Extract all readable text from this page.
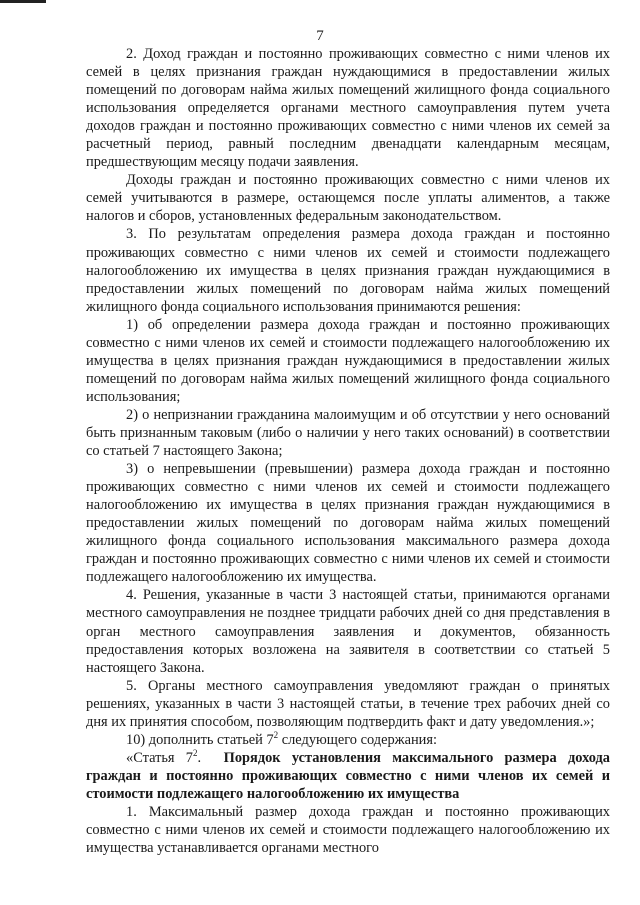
7

2. Доход граждан и постоянно проживающих совместно с ними членов их семей в целях признания граждан нуждающимися в предоставлении жилых помещений по договорам найма жилых помещений жилищного фонда социального использования определяется органами местного самоуправления путем учета доходов граждан и постоянно проживающих совместно с ними членов их семей за расчетный период, равный последним двенадцати календарным месяцам, предшествующим месяцу подачи заявления.

Доходы граждан и постоянно проживающих совместно с ними членов их семей учитываются в размере, остающемся после уплаты алиментов, а также налогов и сборов, установленных федеральным законодательством.

3. По результатам определения размера дохода граждан и постоянно проживающих совместно с ними членов их семей и стоимости подлежащего налогообложению их имущества в целях признания граждан нуждающимися в предоставлении жилых помещений по договорам найма жилых помещений жилищного фонда социального использования принимаются решения:

1) об определении размера дохода граждан и постоянно проживающих совместно с ними членов их семей и стоимости подлежащего налогообложению их имущества в целях признания граждан нуждающимися в предоставлении жилых помещений по договорам найма жилых помещений жилищного фонда социального использования;

2) о непризнании гражданина малоимущим и об отсутствии у него оснований быть признанным таковым (либо о наличии у него таких оснований) в соответствии со статьей 7 настоящего Закона;

3) о непревышении (превышении) размера дохода граждан и постоянно проживающих совместно с ними членов их семей и стоимости подлежащего налогообложению их имущества в целях признания граждан нуждающимися в предоставлении жилых помещений по договорам найма жилых помещений жилищного фонда социального использования максимального размера дохода граждан и постоянно проживающих совместно с ними членов их семей и стоимости подлежащего налогообложению их имущества.

4. Решения, указанные в части 3 настоящей статьи, принимаются органами местного самоуправления не позднее тридцати рабочих дней со дня представления в орган местного самоуправления заявления и документов, обязанность предоставления которых возложена на заявителя в соответствии со статьей 5 настоящего Закона.

5. Органы местного самоуправления уведомляют граждан о принятых решениях, указанных в части 3 настоящей статьи, в течение трех рабочих дней со дня их принятия способом, позволяющим подтвердить факт и дату уведомления.»;

10) дополнить статьей $7^2$ следующего содержания:

«Статья $7^2$. Порядок установления максимального размера дохода граждан и постоянно проживающих совместно с ними членов их семей и стоимости подлежащего налогообложению их имущества

1. Максимальный размер дохода граждан и постоянно проживающих совместно с ними членов их семей и стоимости подлежащего налогообложению их имущества устанавливается органами местного
